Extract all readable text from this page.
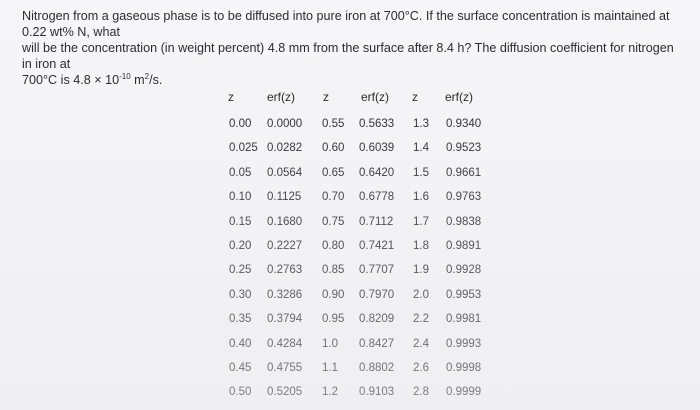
Nitrogen from a gaseous phase is to be diffused into pure iron at 700°C. If the surface concentration is maintained at 0.22 wt% N, what
will be the concentration (in weight percent) 4.8 mm from the surface after 8.4 h? The diffusion coefficient for nitrogen in iron at
700°C is $4.8 \times 10^{-10}$ $m^2/s$.
z	erf(z) z	erf(z) z erf(z)
0.00 0.0000 0.55 0.5633 1.3 0.9340
0.025 0.0282 0.60 0.6039 1.4 0.9523
0.05 0.0564 0.65 0.6420 1.5 0.9661
0.10 0.1125 0.70 0.6778 1.6 0.9763
0.15 0.1680 0.75 0.7112 1.7 0.9838
0.20 0.2227 0.80 0.7421 1.8 0.9891
0.25 0.2763 0.85 0.7707 1.9 0.9928
0.30 0.3286 0.90 0.7970 2.0 0.9953
0.35 0.3794 0.95 0.8209 2.2 0.9981
0.40 0.4284 1.0 0.8427 2.4 0.9993
0.45 0.4755 1.1 0.8802 2.6 0.9998
0.50 0.5205 1.2 0.9103 2.8 0.9999
